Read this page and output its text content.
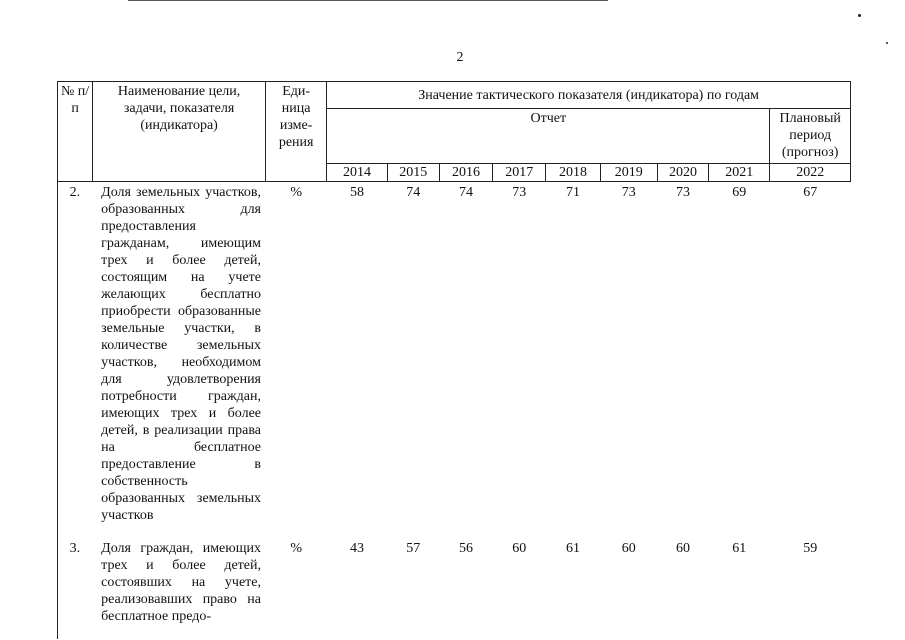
2
№ п/п	Наименование цели, задачи, показателя (индикатора)	Еди-ница изме-рения	Значение тактического показателя (индикатора) по годам								
			Отчет								Плановый период (прогноз)
			2014	2015	2016	2017	2018	2019	2020	2021	2022
2.	Доля земельных участков, образованных для предоставления гражданам, имеющим трех и более детей, состоящим на учете желающих бесплатно приобрести образованные земельные участки, в количестве земельных участков, необходимом для удовлетворения потребности граждан, имеющих трех и более детей, в реализации права на бесплатное предоставление в собственность образованных земельных участков	%	58	74	74	73	71	73	73	69	67
3.	Доля граждан, имеющих трех и более детей, состоявших на учете, реализовавших право на бесплатное предо-	%	43	57	56	60	61	60	60	61	59
